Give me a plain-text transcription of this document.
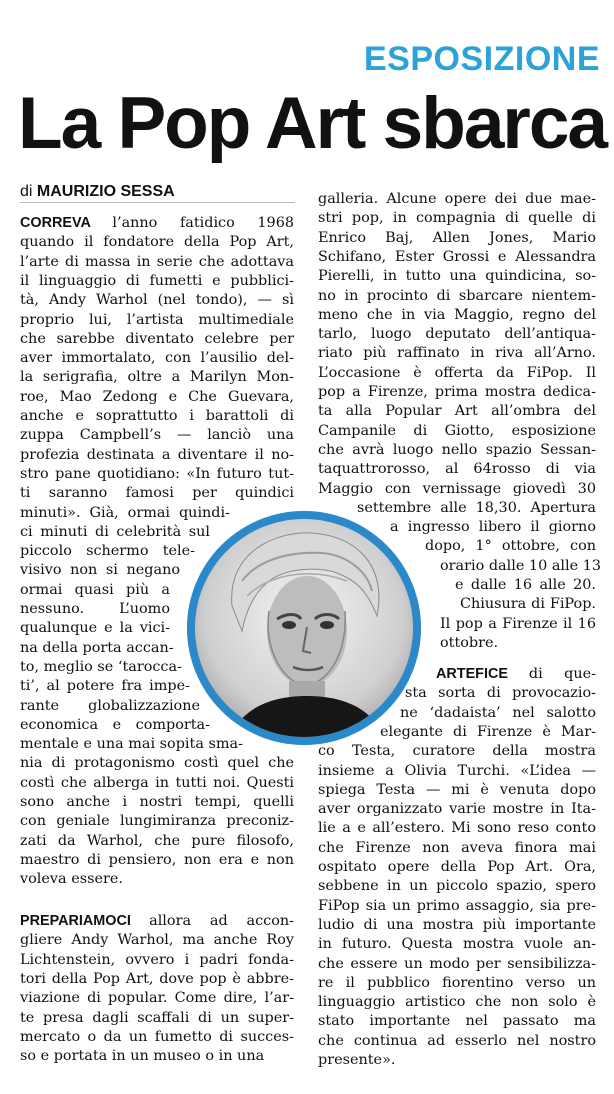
ESPOSIZIONE
La Pop Art sbarca
di MAURIZIO SESSA
CORREVA l’anno fatidico 1968
quando il fondatore della Pop Art,
l’arte di massa in serie che adottava
il linguaggio di fumetti e pubblici-
tà, Andy Warhol (nel tondo), — sì
proprio lui, l’artista multimediale
che sarebbe diventato celebre per
aver immortalato, con l’ausilio del-
la serigrafia, oltre a Marilyn Mon-
roe, Mao Zedong e Che Guevara,
anche e soprattutto i barattoli di
zuppa Campbell’s — lanciò una
profezia destinata a diventare il no-
stro pane quotidiano: «In futuro tut-
ti saranno famosi per quindici
minuti». Già, ormai quindi-
ci minuti di celebrità sul
piccolo schermo tele-
visivo non si negano
ormai quasi più a
nessuno. L’uomo
qualunque e la vici-
na della porta accan-
to, meglio se ‘tarocca-
ti’, al potere fra impe-
rante globalizzazione
economica e comporta-
mentale e una mai sopita sma-
nia di protagonismo costì quel che
costì che alberga in tutti noi. Questi
sono anche i nostri tempi, quelli
con geniale lungimiranza preconiz-
zati da Warhol, che pure filosofo,
maestro di pensiero, non era e non
voleva essere.
PREPARIAMOCI allora ad accon-
gliere Andy Warhol, ma anche Roy
Lichtenstein, ovvero i padri fonda-
tori della Pop Art, dove pop è abbre-
viazione di popular. Come dire, l’ar-
te presa dagli scaffali di un super-
mercato o da un fumetto di succes-
so e portata in un museo o in una
galleria. Alcune opere dei due mae-
stri pop, in compagnia di quelle di
Enrico Baj, Allen Jones, Mario
Schifano, Ester Grossi e Alessandra
Pierelli, in tutto una quindicina, so-
no in procinto di sbarcare nientem-
meno che in via Maggio, regno del
tarlo, luogo deputato dell’antiqua-
riato più raffinato in riva all’Arno.
L’occasione è offerta da FiPop. Il
pop a Firenze, prima mostra dedica-
ta alla Popular Art all’ombra del
Campanile di Giotto, esposizione
che avrà luogo nello spazio Sessan-
taquattrorosso, al 64rosso di via
Maggio con vernissage giovedì 30
settembre alle 18,30. Apertura
a ingresso libero il giorno
dopo, 1° ottobre, con
orario dalle 10 alle 13
e dalle 16 alle 20.
Chiusura di FiPop.
Il pop a Firenze il 16
ottobre.
ARTEFICE di que-
sta sorta di provocazio-
ne ‘dadaista’ nel salotto
elegante di Firenze è Mar-
co Testa, curatore della mostra
insieme a Olivia Turchi. «L’idea —
spiega Testa — mi è venuta dopo
aver organizzato varie mostre in Ita-
lie a e all’estero. Mi sono reso conto
che Firenze non aveva finora mai
ospitato opere della Pop Art. Ora,
sebbene in un piccolo spazio, spero
FiPop sia un primo assaggio, sia pre-
ludio di una mostra più importante
in futuro. Questa mostra vuole an-
che essere un modo per sensibilizza-
re il pubblico fiorentino verso un
linguaggio artistico che non solo è
stato importante nel passato ma
che continua ad esserlo nel nostro
presente».
